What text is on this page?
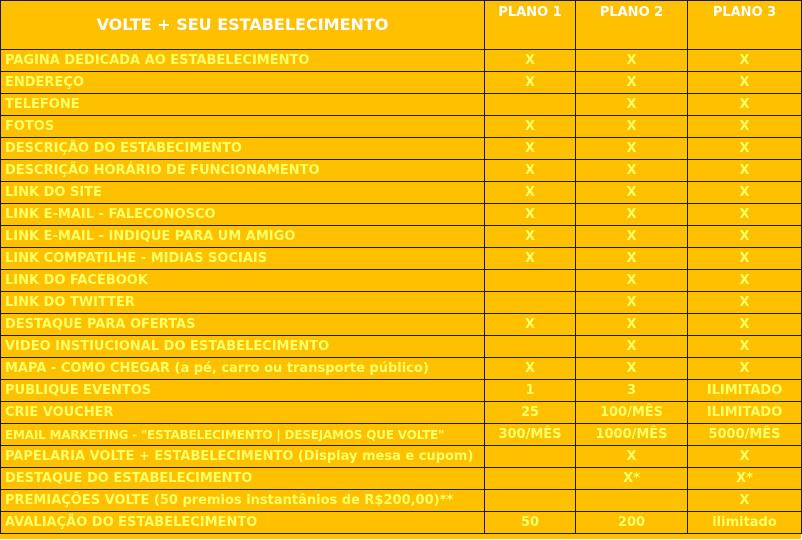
VOLTE + SEU ESTABELECIMENTO	PLANO 1	PLANO 2	PLANO 3
PAGINA DEDICADA AO ESTABELECIMENTO	X	X	X
ENDEREÇO	X	X	X
TELEFONE		X	X
FOTOS	X	X	X
DESCRIÇÃO DO ESTABECIMENTO	X	X	X
DESCRIÇÃO HORÁRIO DE FUNCIONAMENTO	X	X	X
LINK DO SITE	X	X	X
LINK E-MAIL - FALECONOSCO	X	X	X
LINK E-MAIL - INDIQUE PARA UM AMIGO	X	X	X
LINK COMPATILHE - MIDIAS SOCIAIS	X	X	X
LINK DO FACEBOOK		X	X
LINK DO TWITTER		X	X
DESTAQUE PARA OFERTAS	X	X	X
VIDEO INSTIUCIONAL DO ESTABELECIMENTO		X	X
MAPA - COMO CHEGAR (a pé, carro ou transporte público)	X	X	X
PUBLIQUE EVENTOS	1	3	ILIMITADO
CRIE VOUCHER	25	100/MÊS	ILIMITADO
EMAIL MARKETING - "ESTABELECIMENTO | DESEJAMOS QUE VOLTE"	300/MÊS	1000/MÊS	5000/MÊS
PAPELARIA VOLTE + ESTABELECIMENTO (Display mesa e cupom)		X	X
DESTAQUE DO ESTABELECIMENTO		X*	X*
PREMIAÇÕES VOLTE (50 premios instantânios de R$200,00)**			X
AVALIAÇÃO DO ESTABELECIMENTO	50	200	ilimitado
